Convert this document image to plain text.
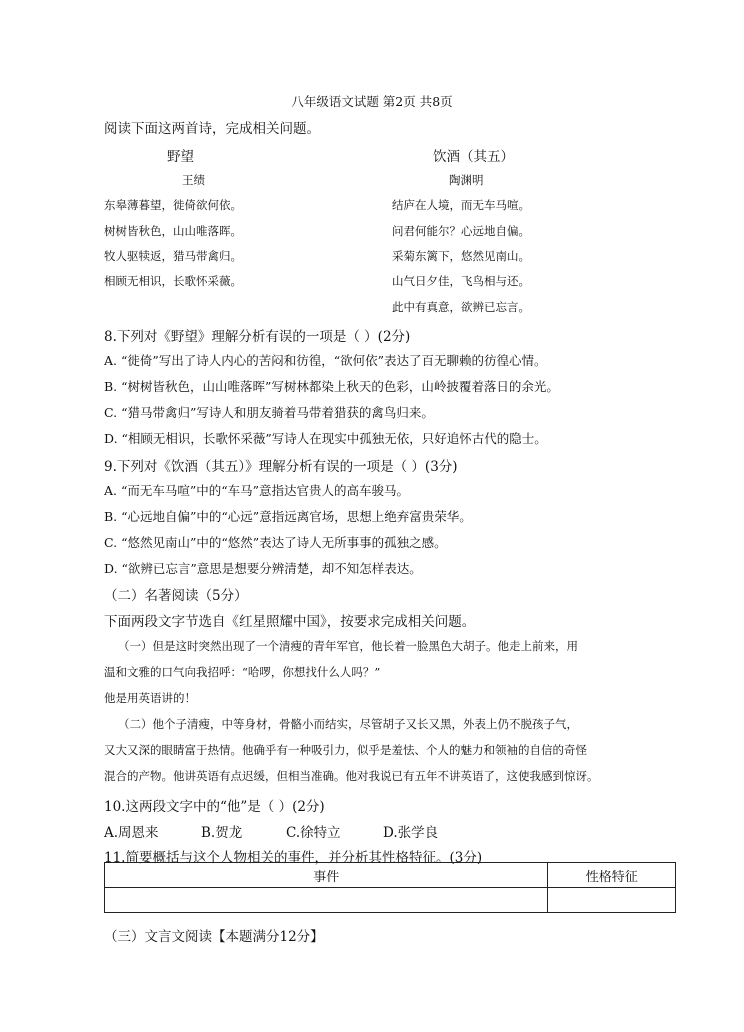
八年级语文试题 第2页 共8页
阅读下面这两首诗，完成相关问题。
野望
王绩
东皋薄暮望，徙倚欲何依。
树树皆秋色，山山唯落晖。
牧人驱犊返，猎马带禽归。
相顾无相识，长歌怀采薇。
饮酒（其五）
陶渊明
结庐在人境，而无车马喧。
问君何能尔？心远地自偏。
采菊东篱下，悠然见南山。
山气日夕佳，飞鸟相与还。
此中有真意，欲辨已忘言。
8.下列对《野望》理解分析有误的一项是（ ）(2分)
A. “徙倚”写出了诗人内心的苦闷和彷徨，“欲何依”表达了百无聊赖的彷徨心情。
B. “树树皆秋色，山山唯落晖”写树林都染上秋天的色彩，山岭披覆着落日的余光。
C. “猎马带禽归”写诗人和朋友骑着马带着猎获的禽鸟归来。
D. “相顾无相识，长歌怀采薇”写诗人在现实中孤独无依，只好追怀古代的隐士。
9.下列对《饮酒（其五）》理解分析有误的一项是（ ）(3分)
A. “而无车马喧”中的“车马”意指达官贵人的高车骏马。
B. “心远地自偏”中的“心远”意指远离官场，思想上绝弃富贵荣华。
C. “悠然见南山”中的“悠然”表达了诗人无所事事的孤独之感。
D. “欲辨已忘言”意思是想要分辨清楚，却不知怎样表达。
（二）名著阅读（5分）
下面两段文字节选自《红星照耀中国》，按要求完成相关问题。
（一）但是这时突然出现了一个清瘦的青年军官，他长着一脸黑色大胡子。他走上前来，用
温和文雅的口气向我招呼：“哈啰，你想找什么人吗？”
他是用英语讲的！
（二）他个子清瘦，中等身材，骨骼小而结实，尽管胡子又长又黑，外表上仍不脱孩子气，
又大又深的眼睛富于热情。他确乎有一种吸引力，似乎是羞怯、个人的魅力和领袖的自信的奇怪
混合的产物。他讲英语有点迟缓，但相当准确。他对我说已有五年不讲英语了，这使我感到惊讶。
10.这两段文字中的“他”是（ ）(2分)
A.周恩来	B.贺龙	C.徐特立	D.张学良
11.简要概括与这个人物相关的事件，并分析其性格特征。(3分)
事件	性格特征

（三）文言文阅读【本题满分12分】
